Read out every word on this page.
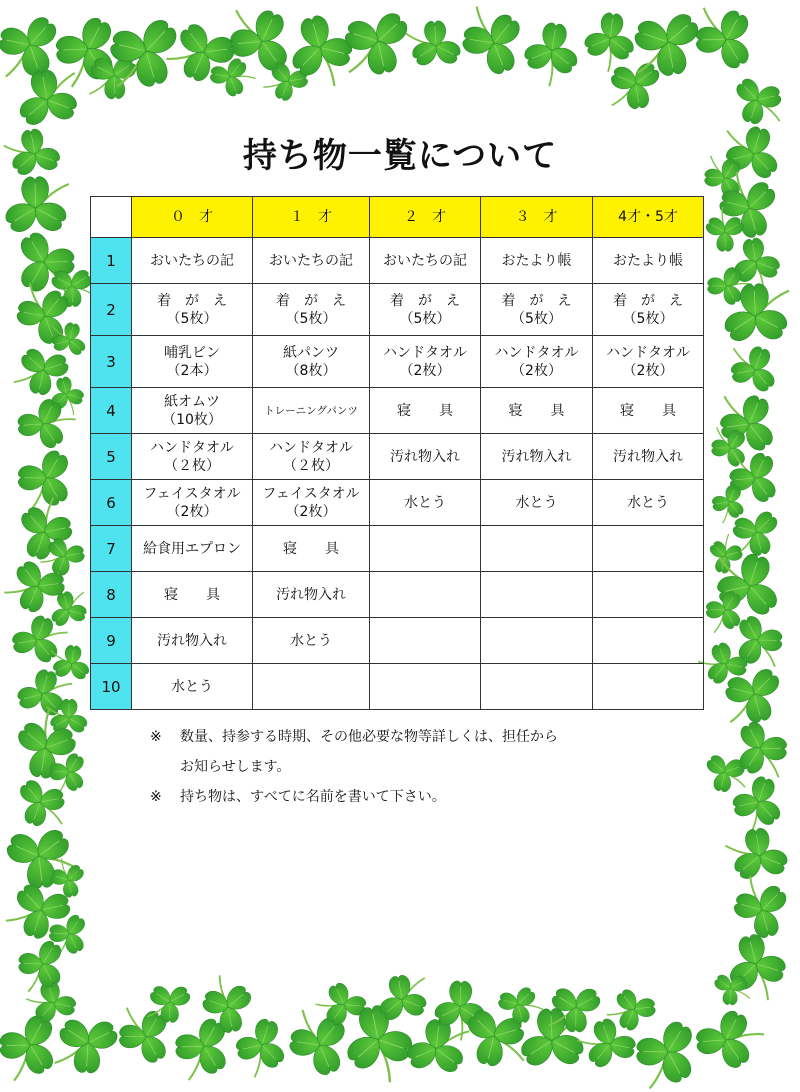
持ち物一覧について
	０　才	１　才	２　才	３　才	4才・5才
1	おいたちの記	おいたちの記	おいたちの記	おたより帳	おたより帳

2	着　が　え
（5枚）	着　が　え
（5枚）	着　が　え
（5枚）	着　が　え
（5枚）	着　が　え
（5枚）

3	哺乳ビン
（2本）	紙パンツ
（8枚）	ハンドタオル
（2枚）	ハンドタオル
（2枚）	ハンドタオル
（2枚）

4	紙オムツ
（10枚）	トレーニングパンツ	寝　　具	寝　　具	寝　　具

5	ハンドタオル
（２枚）	ハンドタオル
（２枚）	汚れ物入れ	汚れ物入れ	汚れ物入れ

6	フェイスタオル
（2枚）	フェイスタオル
（2枚）	水とう	水とう	水とう

7	給食用エプロン	寝　　具			

8	寝　　具	汚れ物入れ			

9	汚れ物入れ	水とう			

10	水とう				

※	数量、持参する時期、その他必要な物等詳しくは、担任から
お知らせします。
※	持ち物は、すべてに名前を書いて下さい。
